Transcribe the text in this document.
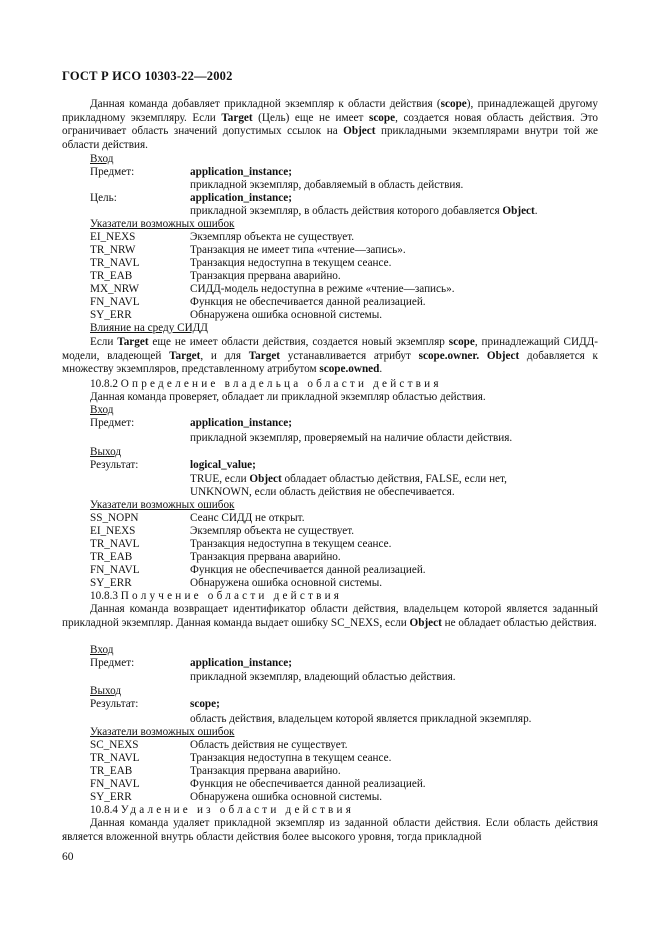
ГОСТ Р ИСО 10303-22—2002
Данная команда добавляет прикладной экземпляр к области действия (scope), принадлежащей другому прикладному экземпляру. Если Target (Цель) еще не имеет scope, создается новая область действия. Это ограничивает область значений допустимых ссылок на Object прикладными экземплярами внутри той же области действия.
Вход
Предмет:	application_instance;
прикладной экземпляр, добавляемый в область действия.
Цель:	application_instance;
прикладной экземпляр, в область действия которого добавляется Object.
Указатели возможных ошибок
EI_NEXS	Экземпляр объекта не существует.
TR_NRW	Транзакция не имеет типа «чтение—запись».
TR_NAVL	Транзакция недоступна в текущем сеансе.
TR_EAB	Транзакция прервана аварийно.
MX_NRW	СИДД-модель недоступна в режиме «чтение—запись».
FN_NAVL	Функция не обеспечивается данной реализацией.
SY_ERR	Обнаружена ошибка основной системы.
Влияние на среду СИДД
Если Target еще не имеет области действия, создается новый экземпляр scope, принадлежащий СИДД-модели, владеющей Target, и для Target устанавливается атрибут scope.owner. Object добавляется к множеству экземпляров, представленному атрибутом scope.owned.
10.8.2 Определение владельца области действия
Данная команда проверяет, обладает ли прикладной экземпляр областью действия.
Вход
Предмет:	application_instance;
прикладной экземпляр, проверяемый на наличие области действия.
Выход
Результат:	logical_value;
TRUE, если Object обладает областью действия, FALSE, если нет,
UNKNOWN, если область действия не обеспечивается.
Указатели возможных ошибок
SS_NOPN	Сеанс СИДД не открыт.
EI_NEXS	Экземпляр объекта не существует.
TR_NAVL	Транзакция недоступна в текущем сеансе.
TR_EAB	Транзакция прервана аварийно.
FN_NAVL	Функция не обеспечивается данной реализацией.
SY_ERR	Обнаружена ошибка основной системы.
10.8.3 Получение области действия
Данная команда возвращает идентификатор области действия, владельцем которой является заданный прикладной экземпляр. Данная команда выдает ошибку SC_NEXS, если Object не обладает областью действия.
Вход
Предмет:	application_instance;
прикладной экземпляр, владеющий областью действия.
Выход
Результат:	scope;
область действия, владельцем которой является прикладной экземпляр.
Указатели возможных ошибок
SC_NEXS	Область действия не существует.
TR_NAVL	Транзакция недоступна в текущем сеансе.
TR_EAB	Транзакция прервана аварийно.
FN_NAVL	Функция не обеспечивается данной реализацией.
SY_ERR	Обнаружена ошибка основной системы.
10.8.4 Удаление из области действия
Данная команда удаляет прикладной экземпляр из заданной области действия. Если область действия является вложенной внутрь области действия более высокого уровня, тогда прикладной
60
